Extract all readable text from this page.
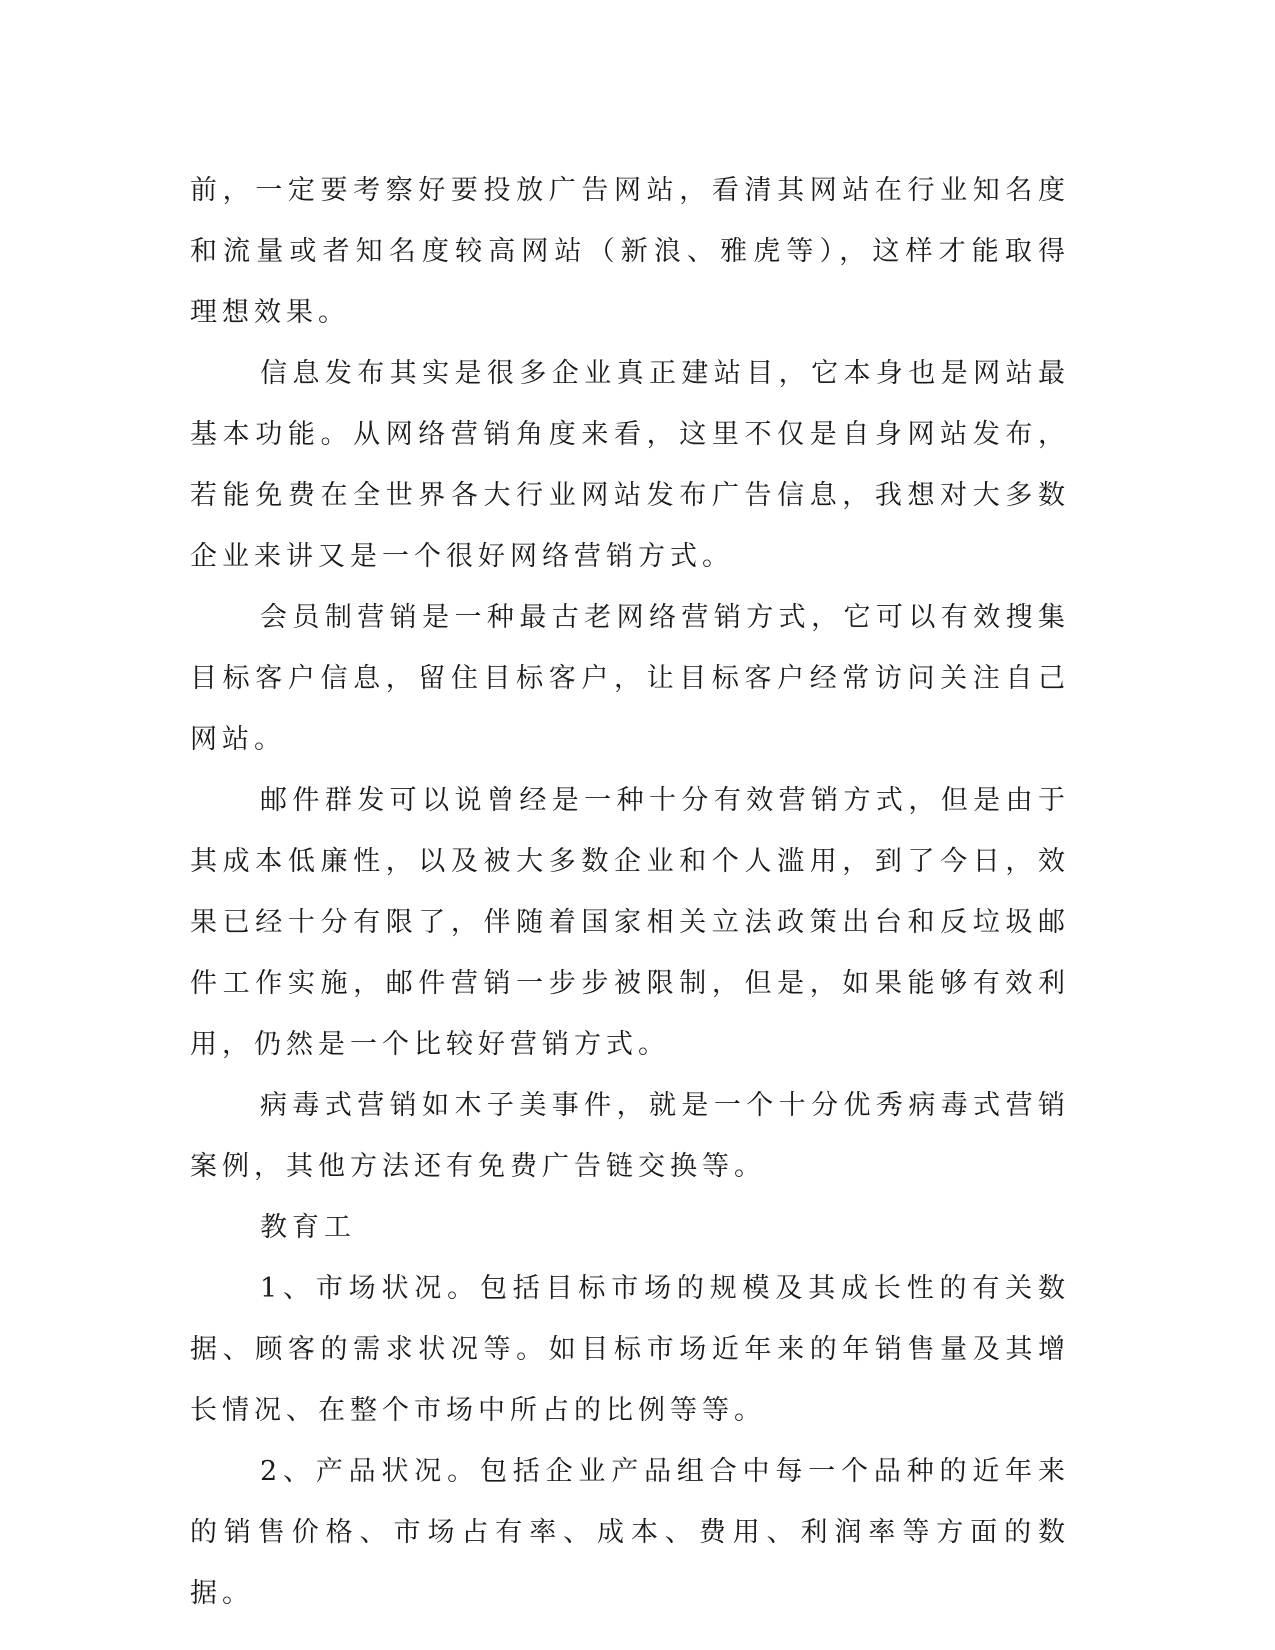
前，一定要考察好要投放广告网站，看清其网站在行业知名度和流量或者知名度较高网站（新浪、雅虎等），这样才能取得理想效果。

信息发布其实是很多企业真正建站目，它本身也是网站最基本功能。从网络营销角度来看，这里不仅是自身网站发布，若能免费在全世界各大行业网站发布广告信息，我想对大多数企业来讲又是一个很好网络营销方式。

会员制营销是一种最古老网络营销方式，它可以有效搜集目标客户信息，留住目标客户，让目标客户经常访问关注自己网站。

邮件群发可以说曾经是一种十分有效营销方式，但是由于其成本低廉性，以及被大多数企业和个人滥用，到了今日，效果已经十分有限了，伴随着国家相关立法政策出台和反垃圾邮件工作实施，邮件营销一步步被限制，但是，如果能够有效利用，仍然是一个比较好营销方式。

病毒式营销如木子美事件，就是一个十分优秀病毒式营销案例，其他方法还有免费广告链交换等。

教育工

1、市场状况。包括目标市场的规模及其成长性的有关数据、顾客的需求状况等。如目标市场近年来的年销售量及其增长情况、在整个市场中所占的比例等等。

2、产品状况。包括企业产品组合中每一个品种的近年来的销售价格、市场占有率、成本、费用、利润率等方面的数据。
